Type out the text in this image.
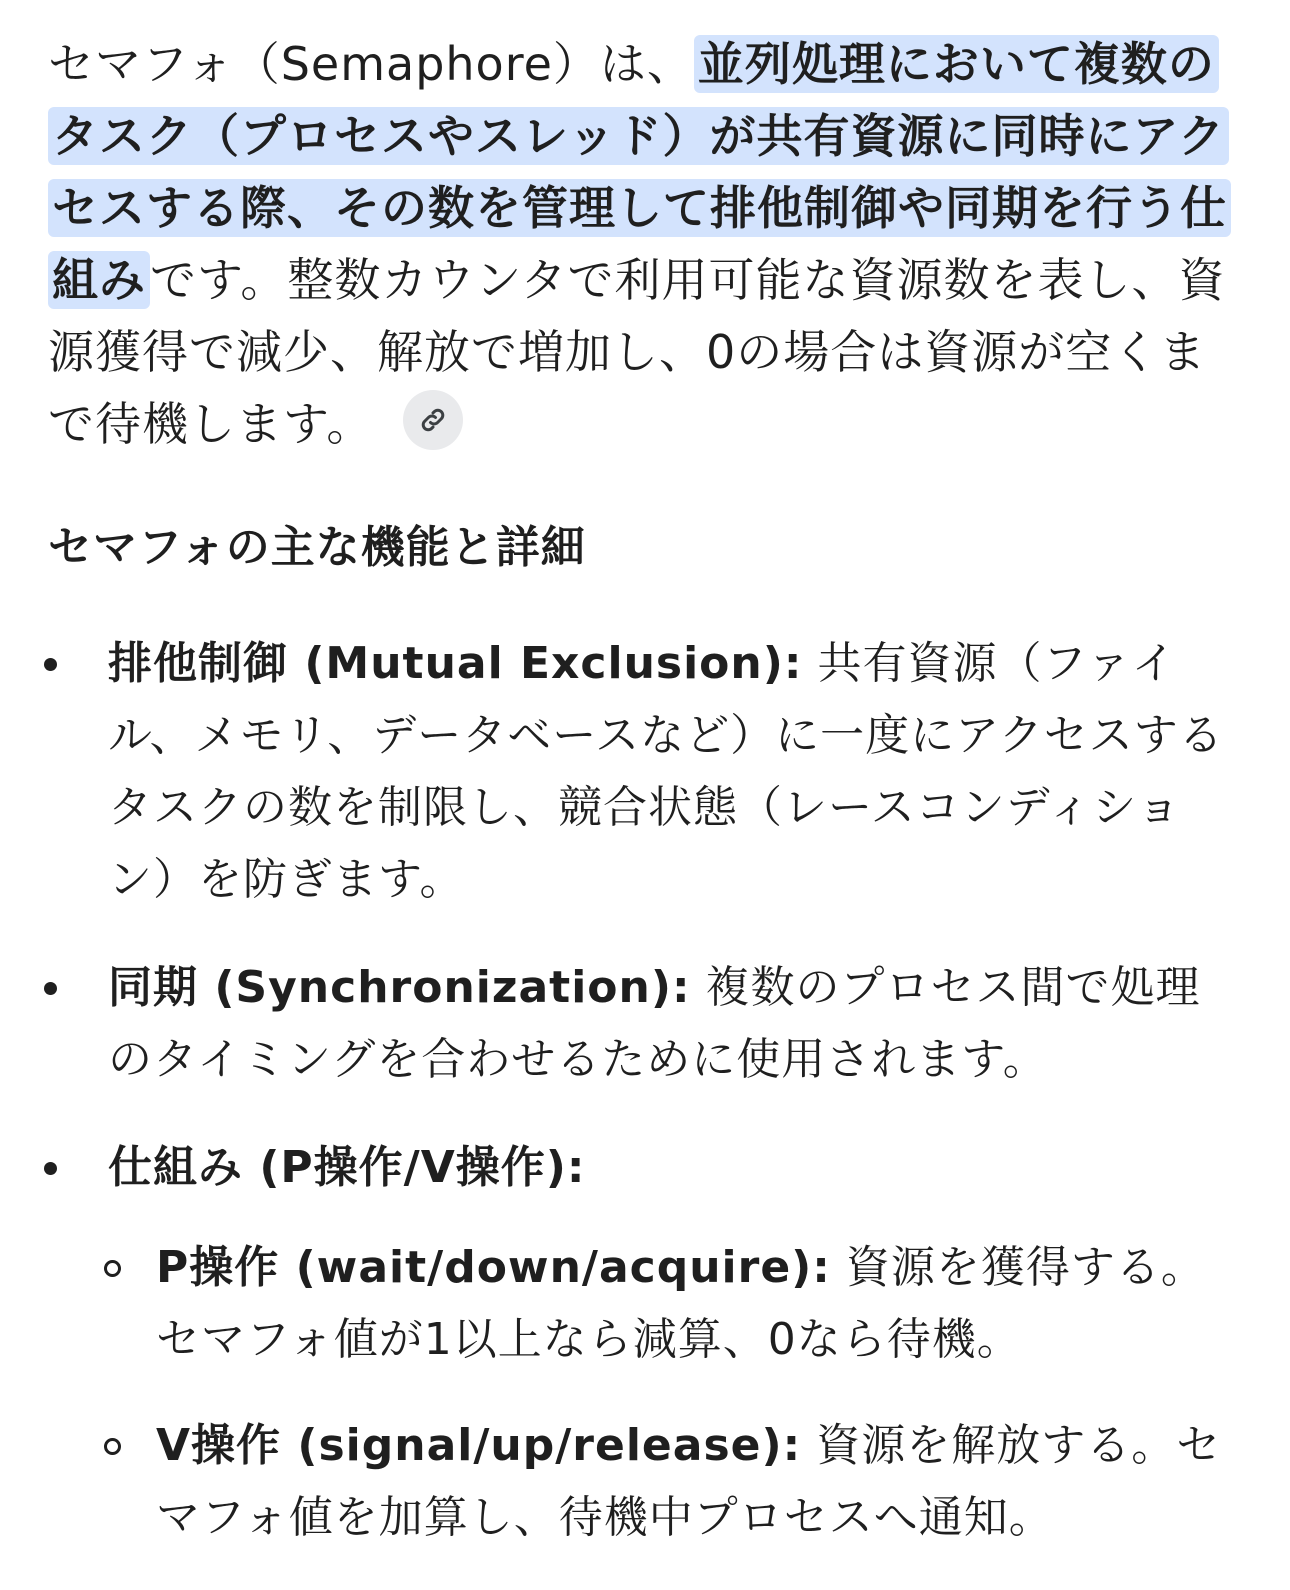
セマフォ（Semaphore）は、並列処理において複数のタスク（プロセスやスレッド）が共有資源に同時にアクセスする際、その数を管理して排他制御や同期を行う仕組みです。整数カウンタで利用可能な資源数を表し、資源獲得で減少、解放で増加し、0の場合は資源が空くまで待機します。

セマフォの主な機能と詳細
排他制御 (Mutual Exclusion): 共有資源（ファイル、メモリ、データベースなど）に一度にアクセスするタスクの数を制限し、競合状態（レースコンディション）を防ぎます。
同期 (Synchronization): 複数のプロセス間で処理のタイミングを合わせるために使用されます。
仕組み (P操作/V操作):
P操作 (wait/down/acquire): 資源を獲得する。セマフォ値が1以上なら減算、0なら待機。
V操作 (signal/up/release): 資源を解放する。セマフォ値を加算し、待機中プロセスへ通知。
